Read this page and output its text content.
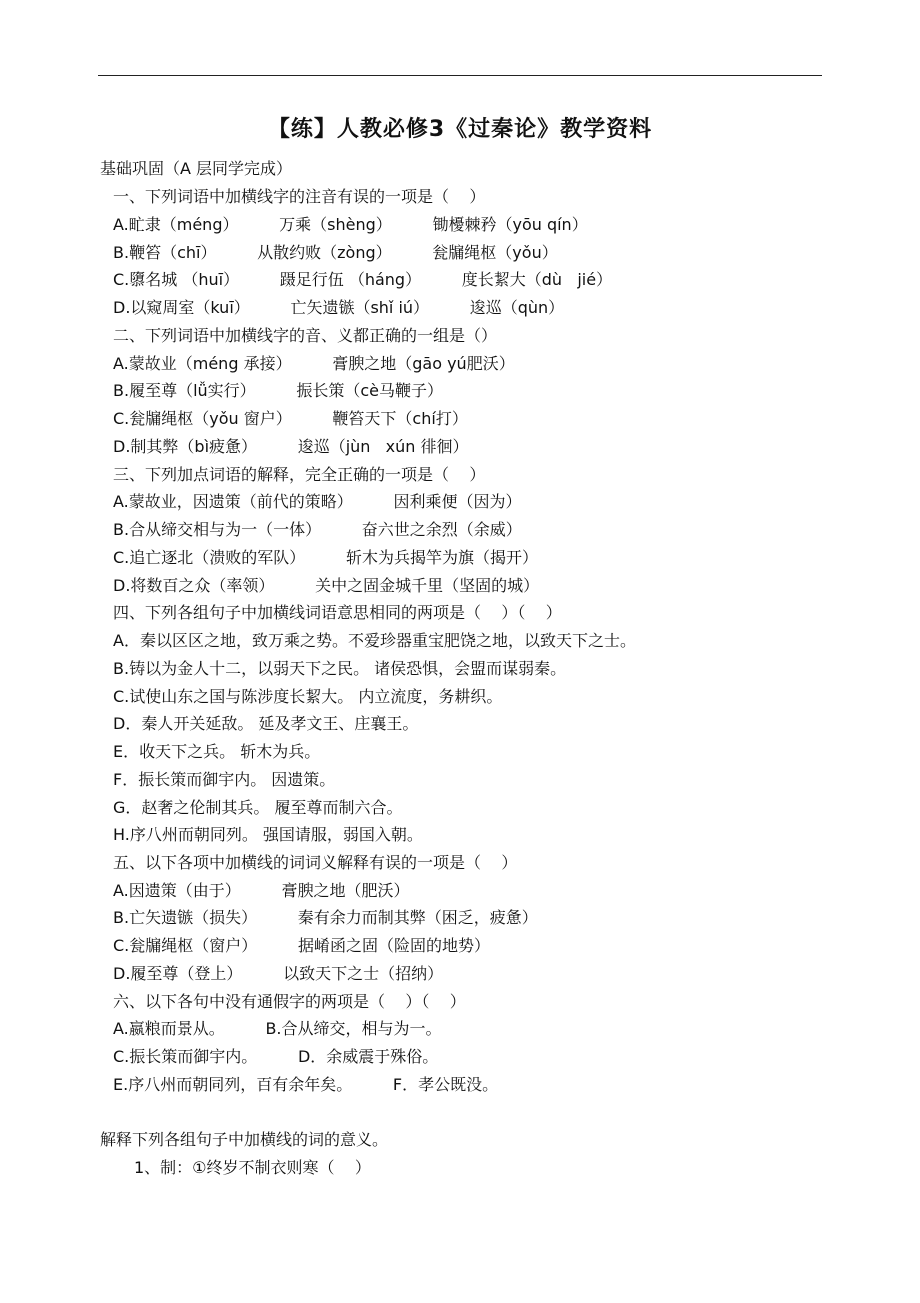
【练】人教必修3《过秦论》教学资料
基础巩固（A 层同学完成）
一、下列词语中加横线字的注音有误的一项是（    ）
A.甿隶（méng）        万乘（shèng）        锄櫌棘矜（yōu qín）
B.鞭笞（chī）        从散约败（zòng）        瓮牖绳枢（yǒu）
C.隳名城 （huī）        蹑足行伍 （háng）        度长絜大（dù   jié）
D.以窥周室（kuī）        亡矢遗镞（shǐ iú）        逡巡（qùn）
二、下列词语中加横线字的音、义都正确的一组是（）
A.蒙故业（méng 承接）        膏腴之地（gāo yú肥沃）
B.履至尊（lǚ实行）        振长策（cè马鞭子）
C.瓮牖绳枢（yǒu 窗户）        鞭笞天下（chí打）
D.制其弊（bì疲惫）        逡巡（jùn   xún 徘徊）
三、下列加点词语的解释，完全正确的一项是（    ）
A.蒙故业，因遗策（前代的策略）        因利乘便（因为）
B.合从缔交相与为一（一体）        奋六世之余烈（余威）
C.追亡逐北（溃败的军队）        斩木为兵揭竿为旗（揭开）
D.将数百之众（率领）        关中之固金城千里（坚固的城）
四、下列各组句子中加横线词语意思相同的两项是（    ）（    ）
A．秦以区区之地，致万乘之势。不爱珍器重宝肥饶之地，以致天下之士。
B.铸以为金人十二，以弱天下之民。 诸侯恐惧，会盟而谋弱秦。
C.试使山东之国与陈涉度长絜大。 内立流度，务耕织。
D．秦人开关延敌。 延及孝文王、庄襄王。
E．收天下之兵。 斩木为兵。
F．振长策而御宇内。 因遗策。
G．赵奢之伦制其兵。 履至尊而制六合。
H.序八州而朝同列。 强国请服，弱国入朝。
五、以下各项中加横线的词词义解释有误的一项是（    ）
A.因遗策（由于）        膏腴之地（肥沃）
B.亡矢遗镞（损失）        秦有余力而制其弊（困乏，疲惫）
C.瓮牖绳枢（窗户）        据崤函之固（险固的地势）
D.履至尊（登上）        以致天下之士（招纳）
六、以下各句中没有通假字的两项是（    ）（    ）
A.嬴粮而景从。        B.合从缔交，相与为一。
C.振长策而御宇内。        D．余威震于殊俗。
E.序八州而朝同列，百有余年矣。        F．孝公既没。
解释下列各组句子中加横线的词的意义。
1、制：①终岁不制衣则寒（    ）
